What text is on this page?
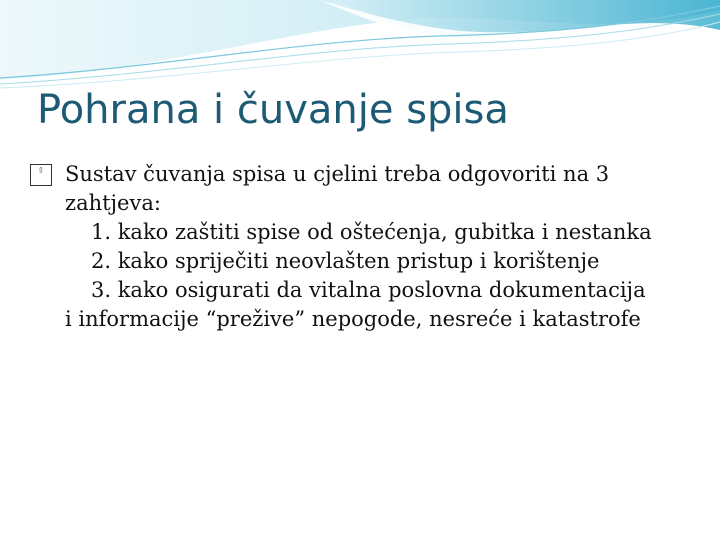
Pohrana i čuvanje spisa
▯	Sustav čuvanja spisa u cjelini treba odgovoriti na 3
zahtjeva:
1. kako zaštiti spise od oštećenja, gubitka i nestanka
2. kako spriječiti neovlašten pristup i korištenje
3. kako osigurati da vitalna poslovna dokumentacija
i informacije “prežive” nepogode, nesreće i katastrofe
